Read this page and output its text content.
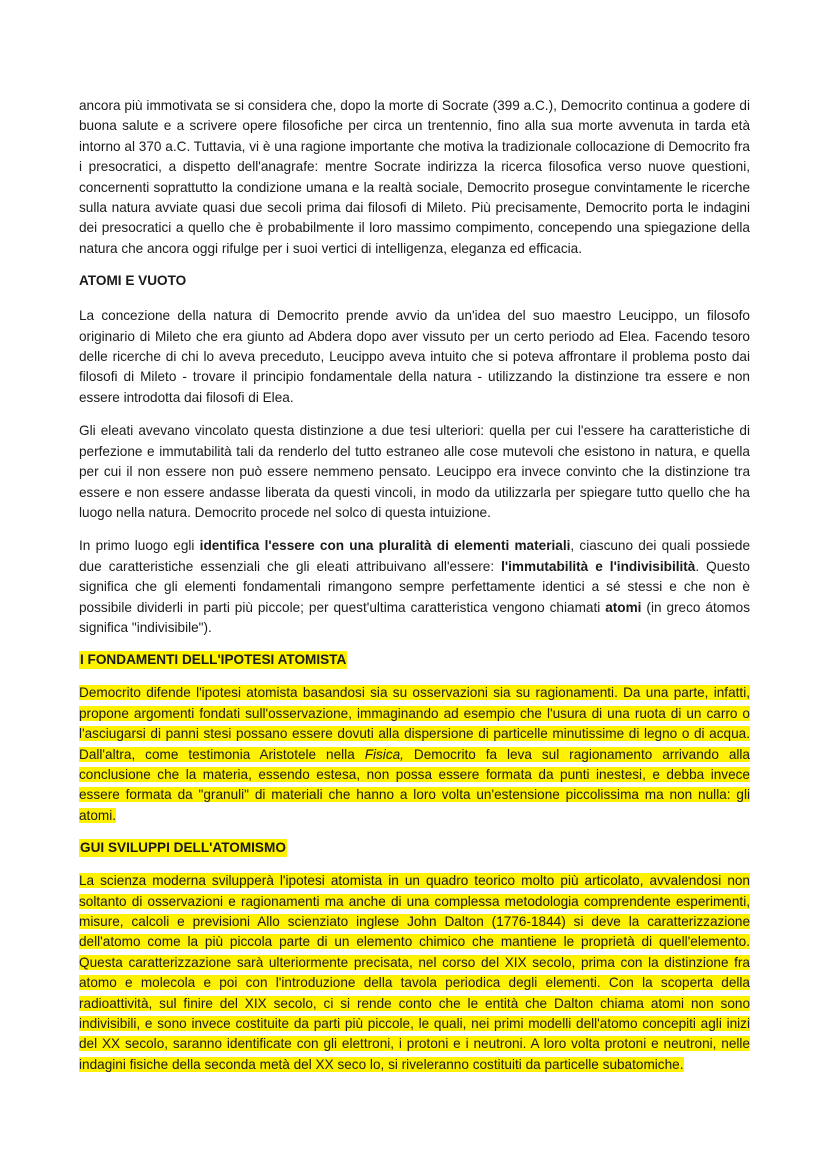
ancora più immotivata se si considera che, dopo la morte di Socrate (399 a.C.), Democrito continua a godere di buona salute e a scrivere opere filosofiche per circa un trentennio, fino alla sua morte avvenuta in tarda età intorno al 370 a.C. Tuttavia, vi è una ragione importante che motiva la tradizionale collocazione di Democrito fra i presocratici, a dispetto dell'anagrafe: mentre Socrate indirizza la ricerca filosofica verso nuove questioni, concernenti soprattutto la condizione umana e la realtà sociale, Democrito prosegue convintamente le ricerche sulla natura avviate quasi due secoli prima dai filosofi di Mileto. Più precisamente, Democrito porta le indagini dei presocratici a quello che è probabilmente il loro massimo compimento, concependo una spiegazione della natura che ancora oggi rifulge per i suoi vertici di intelligenza, eleganza ed efficacia.

ATOMI E VUOTO

La concezione della natura di Democrito prende avvio da un'idea del suo maestro Leucippo, un filosofo originario di Mileto che era giunto ad Abdera dopo aver vissuto per un certo periodo ad Elea. Facendo tesoro delle ricerche di chi lo aveva preceduto, Leucippo aveva intuito che si poteva affrontare il problema posto dai filosofi di Mileto - trovare il principio fondamentale della natura - utilizzando la distinzione tra essere e non essere introdotta dai filosofi di Elea.

Gli eleati avevano vincolato questa distinzione a due tesi ulteriori: quella per cui l'essere ha caratteristiche di perfezione e immutabilità tali da renderlo del tutto estraneo alle cose mutevoli che esistono in natura, e quella per cui il non essere non può essere nemmeno pensato. Leucippo era invece convinto che la distinzione tra essere e non essere andasse liberata da questi vincoli, in modo da utilizzarla per spiegare tutto quello che ha luogo nella natura. Democrito procede nel solco di questa intuizione.

In primo luogo egli identifica l'essere con una pluralità di elementi materiali, ciascuno dei quali possiede due caratteristiche essenziali che gli eleati attribuivano all'essere: l'immutabilità e l'indivisibilità. Questo significa che gli elementi fondamentali rimangono sempre perfettamente identici a sé stessi e che non è possibile dividerli in parti più piccole; per quest'ultima caratteristica vengono chiamati atomi (in greco átomos significa "indivisibile").

I FONDAMENTI DELL'IPOTESI ATOMISTA

Democrito difende l'ipotesi atomista basandosi sia su osservazioni sia su ragionamenti. Da una parte, infatti, propone argomenti fondati sull'osservazione, immaginando ad esempio che l'usura di una ruota di un carro o l'asciugarsi di panni stesi possano essere dovuti alla dispersione di particelle minutissime di legno o di acqua. Dall'altra, come testimonia Aristotele nella Fisica, Democrito fa leva sul ragionamento arrivando alla conclusione che la materia, essendo estesa, non possa essere formata da punti inestesi, e debba invece essere formata da "granuli" di materiali che hanno a loro volta un'estensione piccolissima ma non nulla: gli atomi.

GUI SVILUPPI DELL'ATOMISMO

La scienza moderna svilupperà l'ipotesi atomista in un quadro teorico molto più articolato, avvalendosi non soltanto di osservazioni e ragionamenti ma anche di una complessa metodologia comprendente esperimenti, misure, calcoli e previsioni Allo scienziato inglese John Dalton (1776-1844) si deve la caratterizzazione dell'atomo come la più piccola parte di un elemento chimico che mantiene le proprietà di quell'elemento. Questa caratterizzazione sarà ulteriormente precisata, nel corso del XIX secolo, prima con la distinzione fra atomo e molecola e poi con l'introduzione della tavola periodica degli elementi. Con la scoperta della radioattività, sul finire del XIX secolo, ci si rende conto che le entità che Dalton chiama atomi non sono indivisibili, e sono invece costituite da parti più piccole, le quali, nei primi modelli dell'atomo concepiti agli inizi del XX secolo, saranno identificate con gli elettroni, i protoni e i neutroni. A loro volta protoni e neutroni, nelle indagini fisiche della seconda metà del XX seco lo, si riveleranno costituiti da particelle subatomiche.
